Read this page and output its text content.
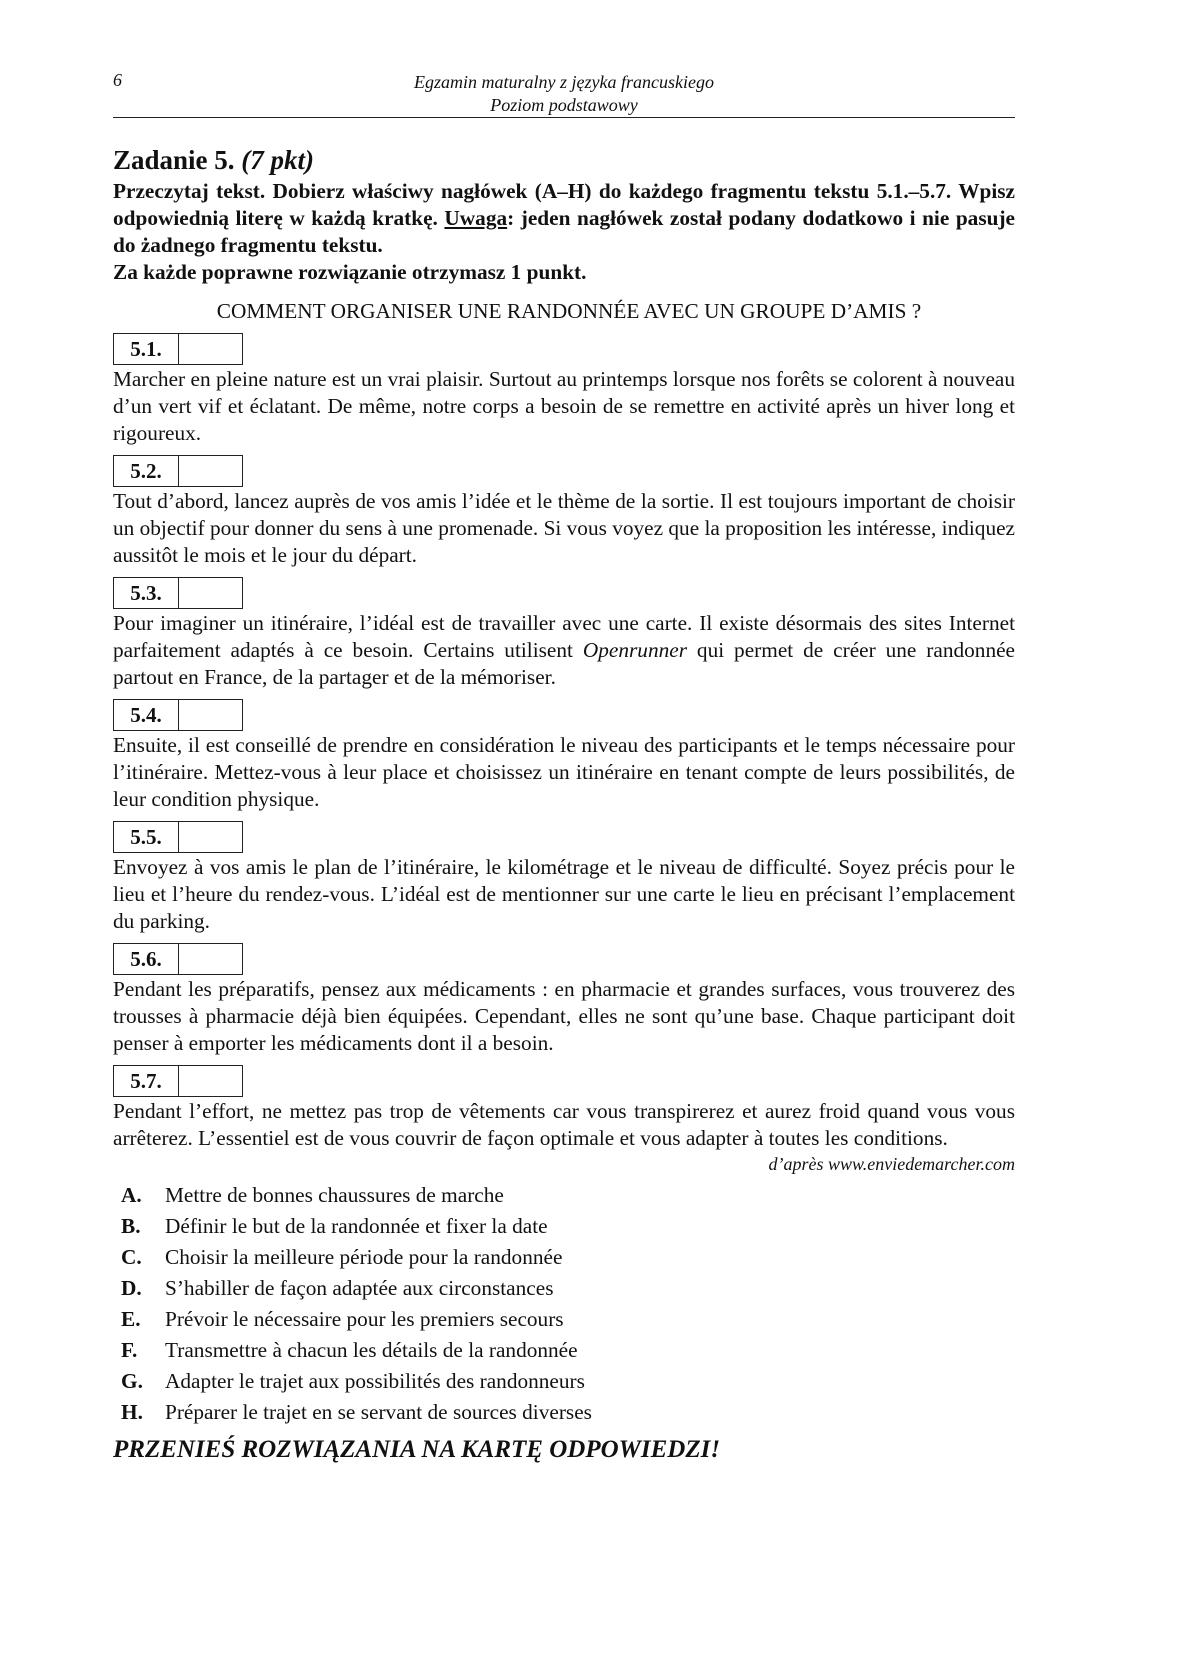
6	Egzamin maturalny z języka francuskiego
Poziom podstawowy
Zadanie 5. (7 pkt)
Przeczytaj tekst. Dobierz właściwy nagłówek (A–H) do każdego fragmentu tekstu 5.1.–5.7. Wpisz odpowiednią literę w każdą kratkę. Uwaga: jeden nagłówek został podany dodatkowo i nie pasuje do żadnego fragmentu tekstu.
Za każde poprawne rozwiązanie otrzymasz 1 punkt.
COMMENT ORGANISER UNE RANDONNÉE AVEC UN GROUPE D’AMIS ?
5.1.
Marcher en pleine nature est un vrai plaisir. Surtout au printemps lorsque nos forêts se colorent à nouveau d’un vert vif et éclatant. De même, notre corps a besoin de se remettre en activité après un hiver long et rigoureux.
5.2.
Tout d’abord, lancez auprès de vos amis l’idée et le thème de la sortie. Il est toujours important de choisir un objectif pour donner du sens à une promenade. Si vous voyez que la proposition les intéresse, indiquez aussitôt le mois et le jour du départ.
5.3.
Pour imaginer un itinéraire, l’idéal est de travailler avec une carte. Il existe désormais des sites Internet parfaitement adaptés à ce besoin. Certains utilisent Openrunner qui permet de créer une randonnée partout en France, de la partager et de la mémoriser.
5.4.
Ensuite, il est conseillé de prendre en considération le niveau des participants et le temps nécessaire pour l’itinéraire. Mettez-vous à leur place et choisissez un itinéraire en tenant compte de leurs possibilités, de leur condition physique.
5.5.
Envoyez à vos amis le plan de l’itinéraire, le kilométrage et le niveau de difficulté. Soyez précis pour le lieu et l’heure du rendez-vous. L’idéal est de mentionner sur une carte le lieu en précisant l’emplacement du parking.
5.6.
Pendant les préparatifs, pensez aux médicaments : en pharmacie et grandes surfaces, vous trouverez des trousses à pharmacie déjà bien équipées. Cependant, elles ne sont qu’une base. Chaque participant doit penser à emporter les médicaments dont il a besoin.
5.7.
Pendant l’effort, ne mettez pas trop de vêtements car vous transpirerez et aurez froid quand vous vous arrêterez. L’essentiel est de vous couvrir de façon optimale et vous adapter à toutes les conditions.
d’après www.enviedemarcher.com
A.	Mettre de bonnes chaussures de marche
B.	Définir le but de la randonnée et fixer la date
C.	Choisir la meilleure période pour la randonnée
D.	S’habiller de façon adaptée aux circonstances
E.	Prévoir le nécessaire pour les premiers secours
F.	Transmettre à chacun les détails de la randonnée
G.	Adapter le trajet aux possibilités des randonneurs
H.	Préparer le trajet en se servant de sources diverses
PRZENIEŚ ROZWIĄZANIA NA KARTĘ ODPOWIEDZI!
